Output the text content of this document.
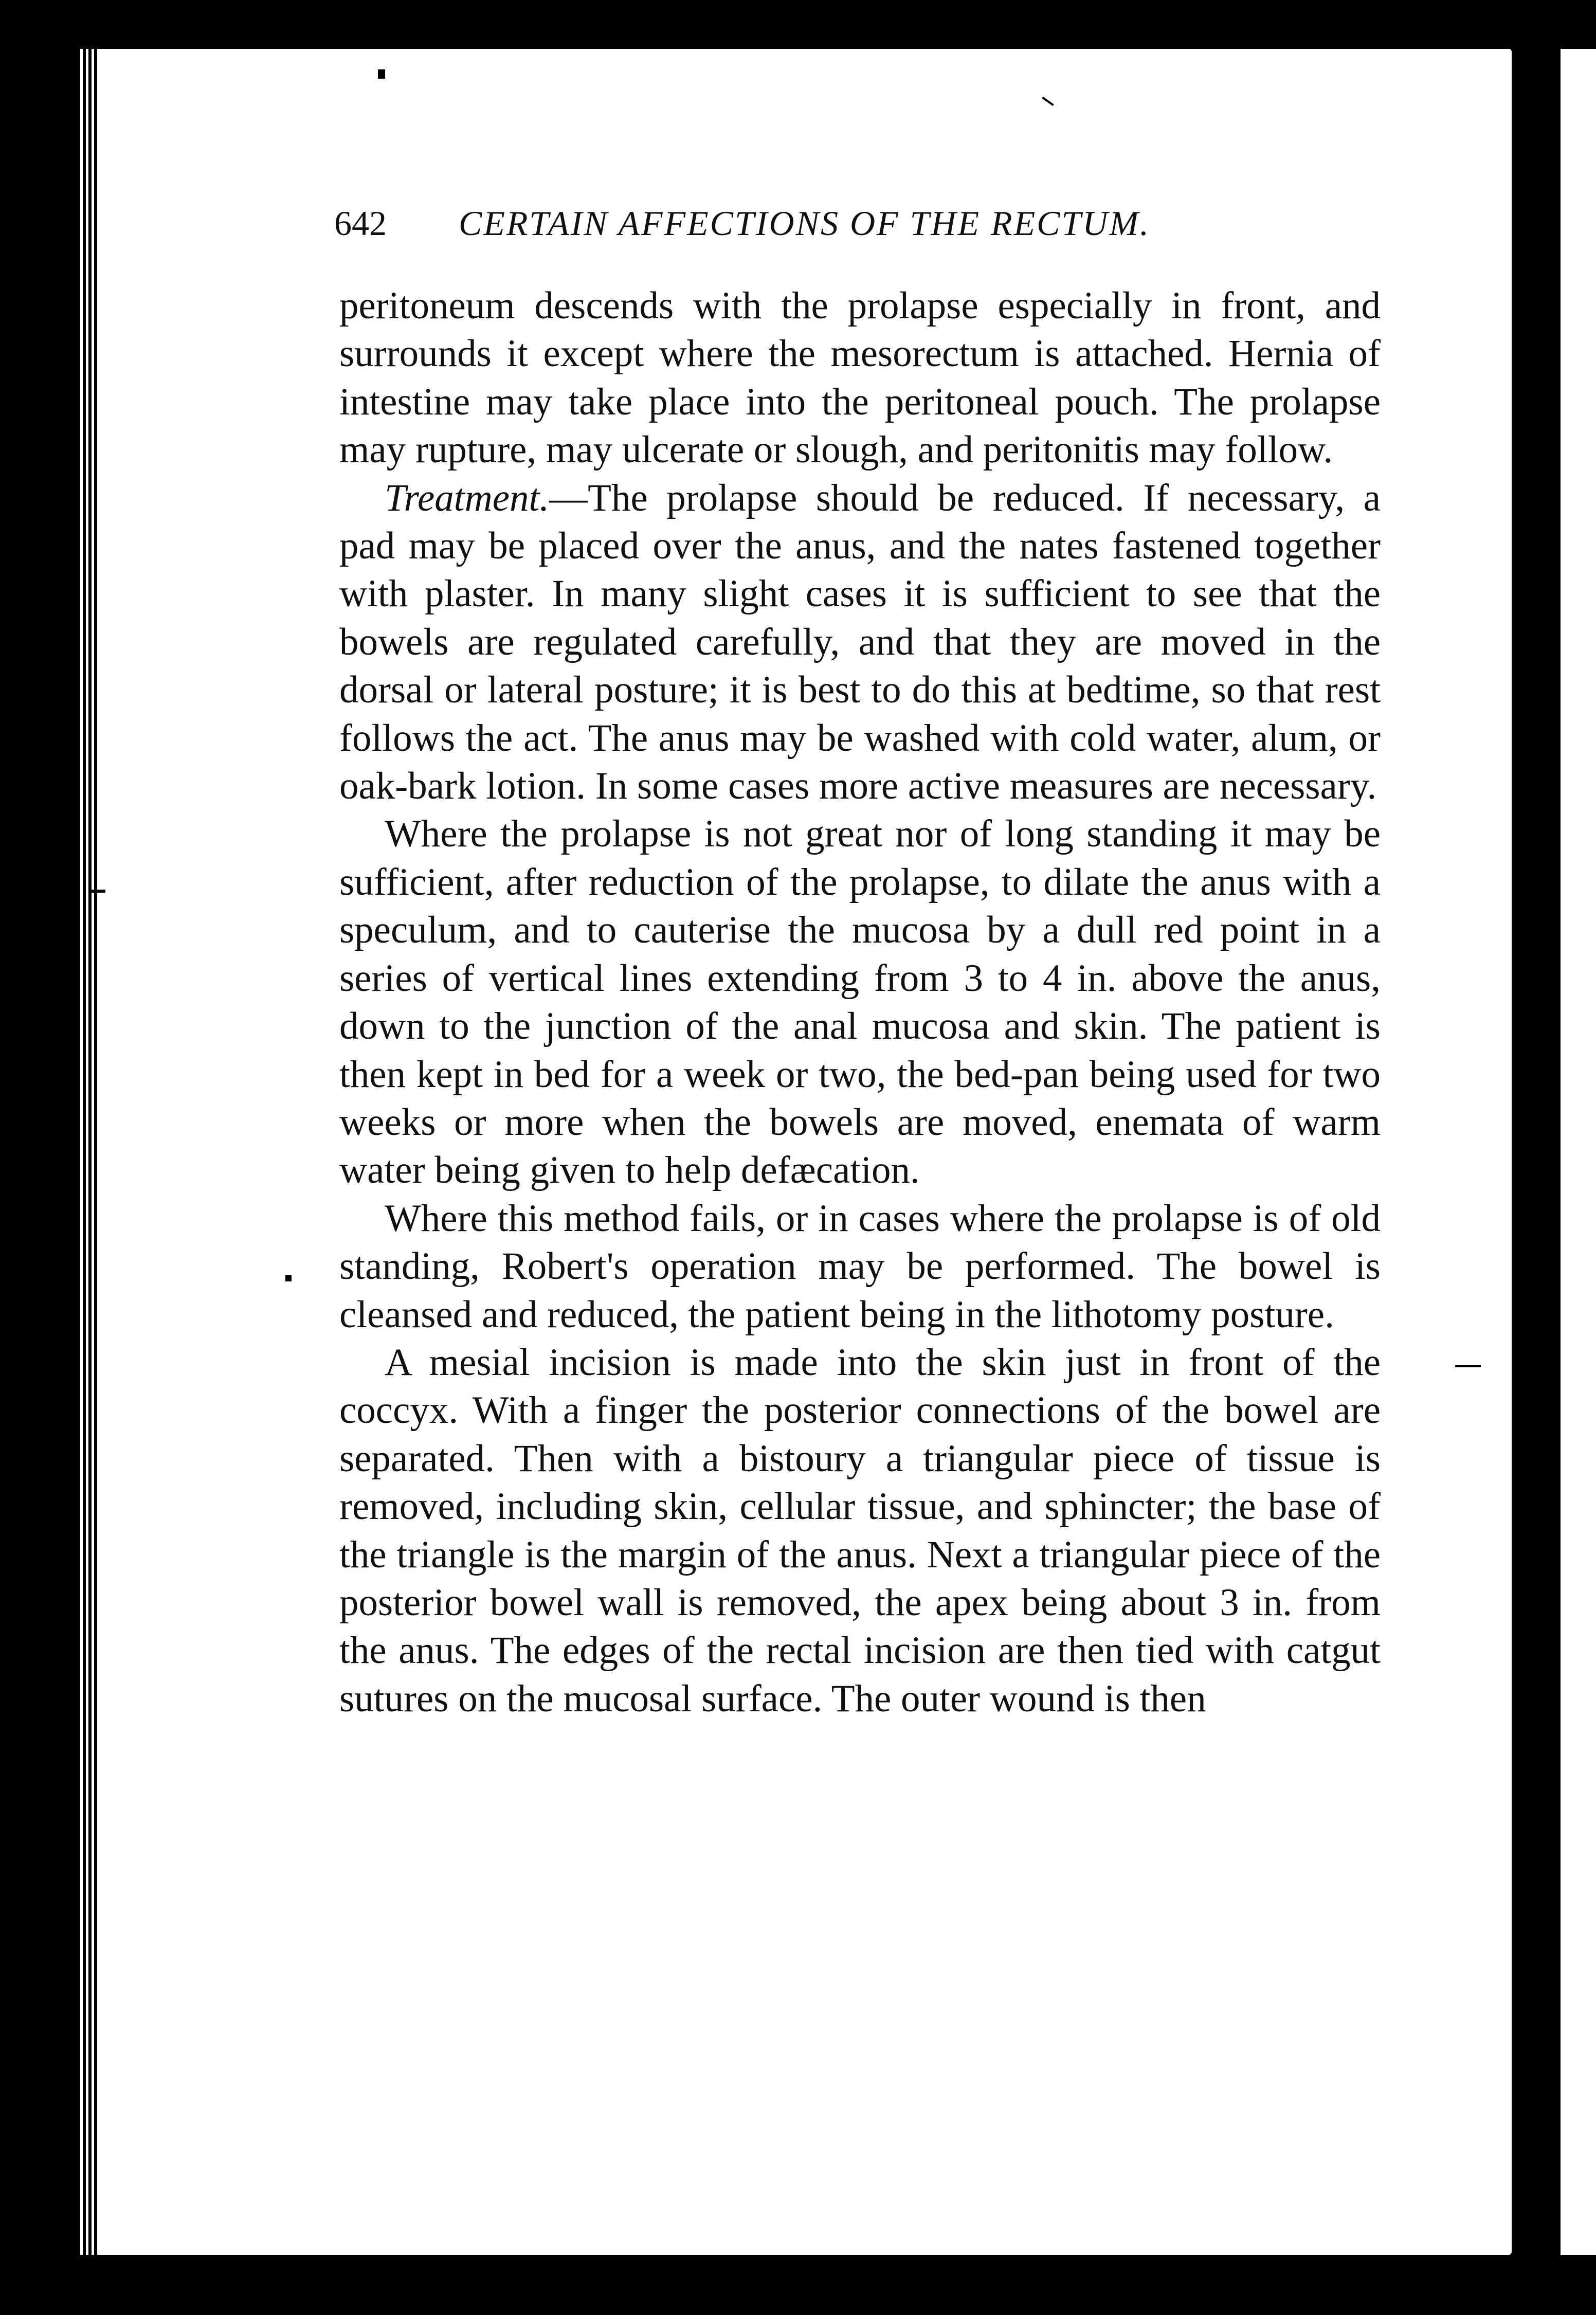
642 CERTAIN AFFECTIONS OF THE RECTUM.

peritoneum descends with the prolapse especially in front, and surrounds it except where the mesorectum is attached. Hernia of intestine may take place into the peritoneal pouch. The prolapse may rupture, may ulcerate or slough, and peritonitis may follow.

Treatment.—The prolapse should be reduced. If necessary, a pad may be placed over the anus, and the nates fastened together with plaster. In many slight cases it is sufficient to see that the bowels are regulated carefully, and that they are moved in the dorsal or lateral posture; it is best to do this at bedtime, so that rest follows the act. The anus may be washed with cold water, alum, or oak-bark lotion. In some cases more active measures are necessary.

Where the prolapse is not great nor of long standing it may be sufficient, after reduction of the prolapse, to dilate the anus with a speculum, and to cauterise the mucosa by a dull red point in a series of vertical lines extending from 3 to 4 in. above the anus, down to the junction of the anal mucosa and skin. The patient is then kept in bed for a week or two, the bed-pan being used for two weeks or more when the bowels are moved, enemata of warm water being given to help defæcation.

Where this method fails, or in cases where the prolapse is of old standing, Robert's operation may be performed. The bowel is cleansed and reduced, the patient being in the lithotomy posture.

A mesial incision is made into the skin just in front of the coccyx. With a finger the posterior connections of the bowel are separated. Then with a bistoury a triangular piece of tissue is removed, including skin, cellular tissue, and sphincter; the base of the triangle is the margin of the anus. Next a triangular piece of the posterior bowel wall is removed, the apex being about 3 in. from the anus. The edges of the rectal incision are then tied with catgut sutures on the mucosal surface. The outer wound is then
